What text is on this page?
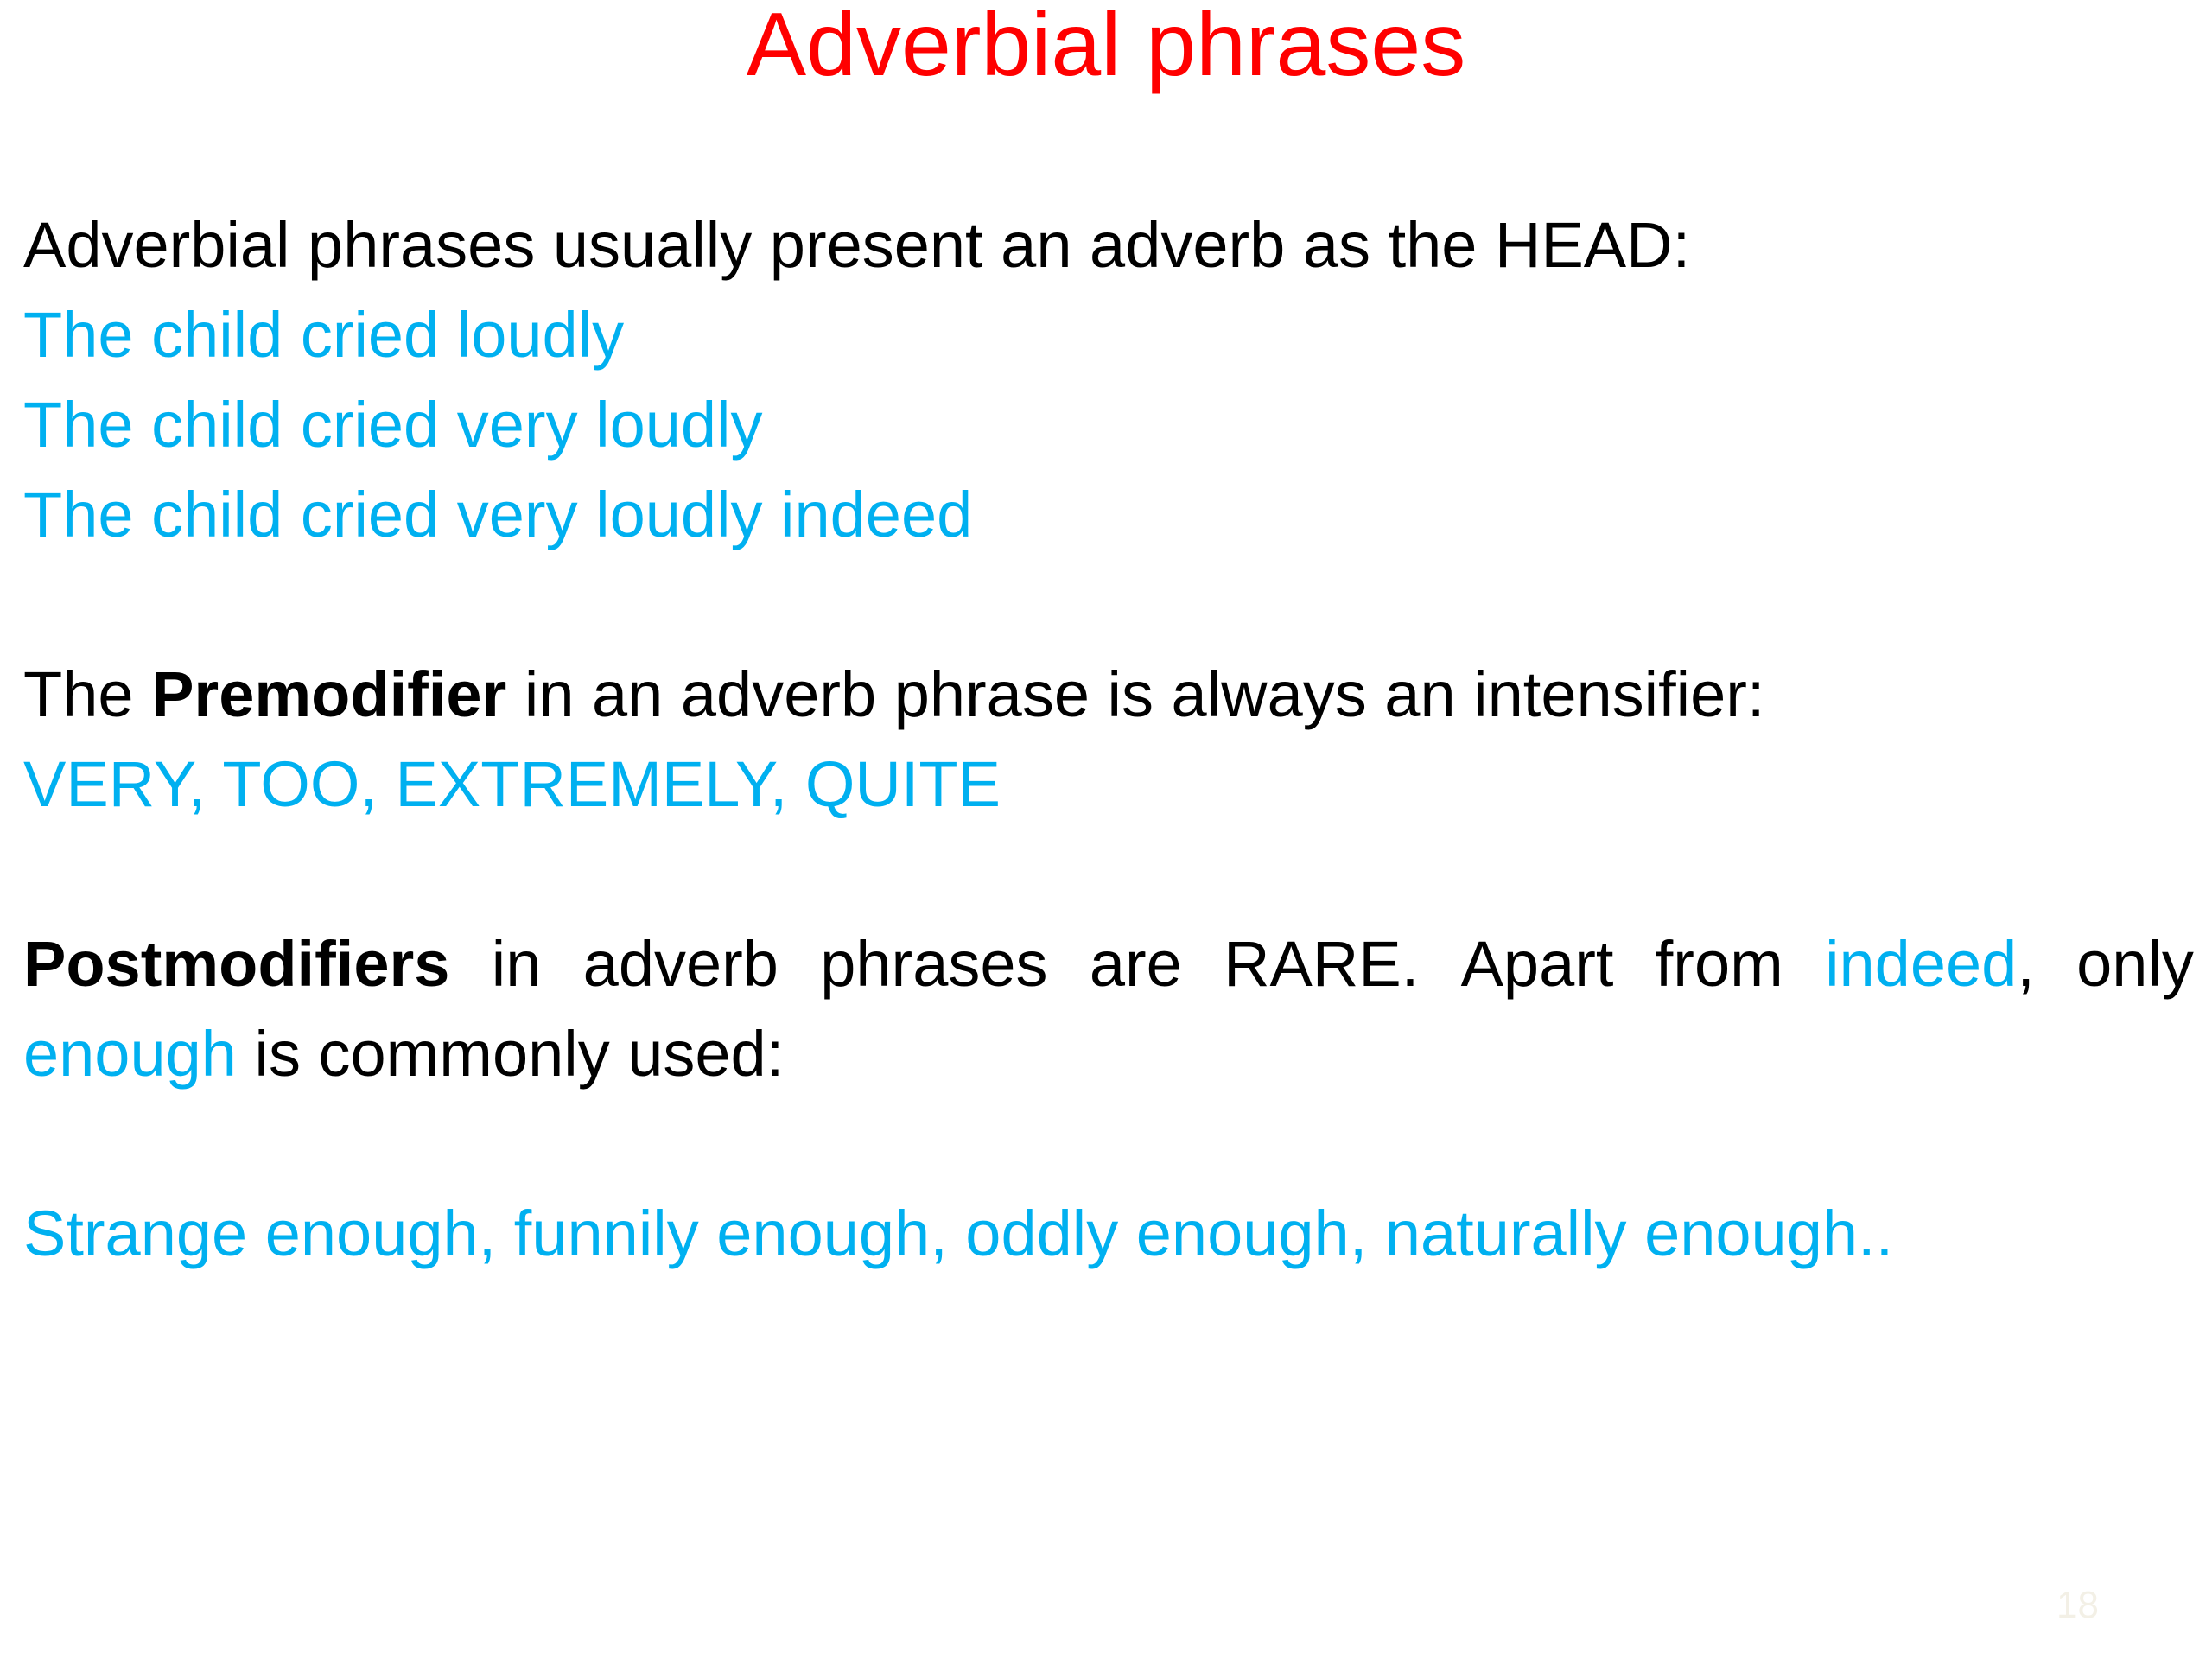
Adverbial phrases
Adverbial phrases usually present an adverb as the HEAD:
The child cried loudly
The child cried very loudly
The child cried very loudly indeed
The Premodifier in an adverb phrase is always an intensifier:
VERY, TOO, EXTREMELY, QUITE
Postmodifiers in adverb phrases are RARE. Apart from indeed, only
enough is commonly used:
Strange enough, funnily enough, oddly enough, naturally enough..
18
